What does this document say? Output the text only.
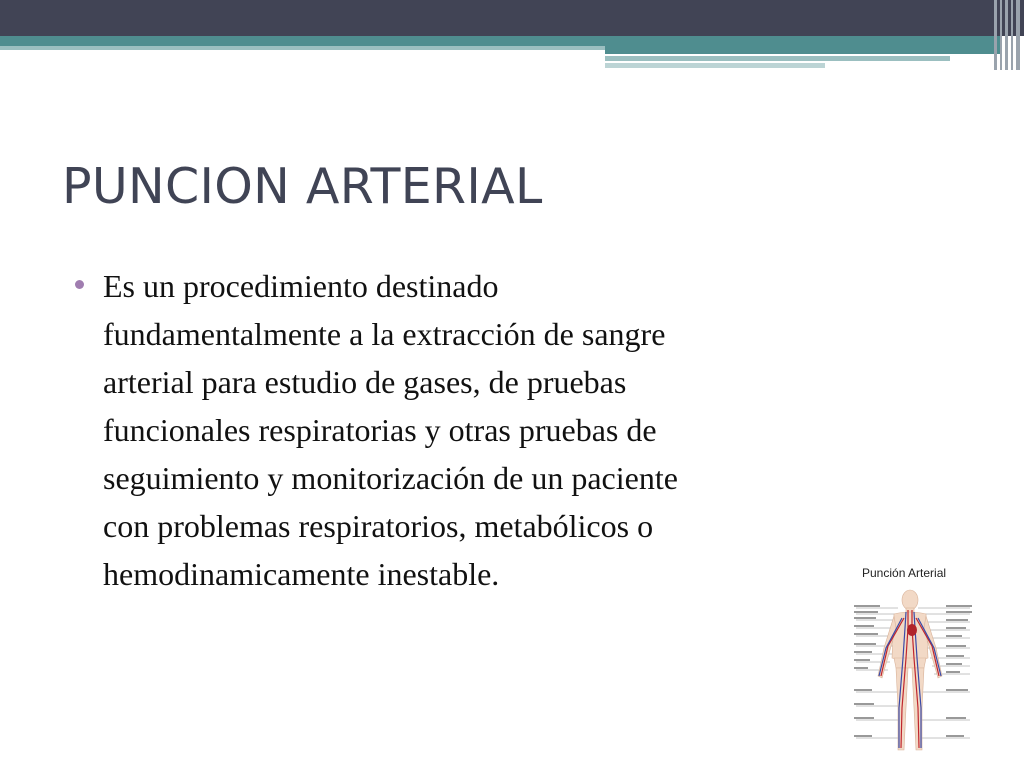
PUNCION ARTERIAL
Es un procedimiento destinado
fundamentalmente a la extracción de sangre
arterial para estudio de gases, de pruebas
funcionales respiratorias y otras pruebas de
seguimiento y monitorización de un paciente
con problemas respiratorios, metabólicos o
hemodinamicamente inestable.	Punción Arterial
